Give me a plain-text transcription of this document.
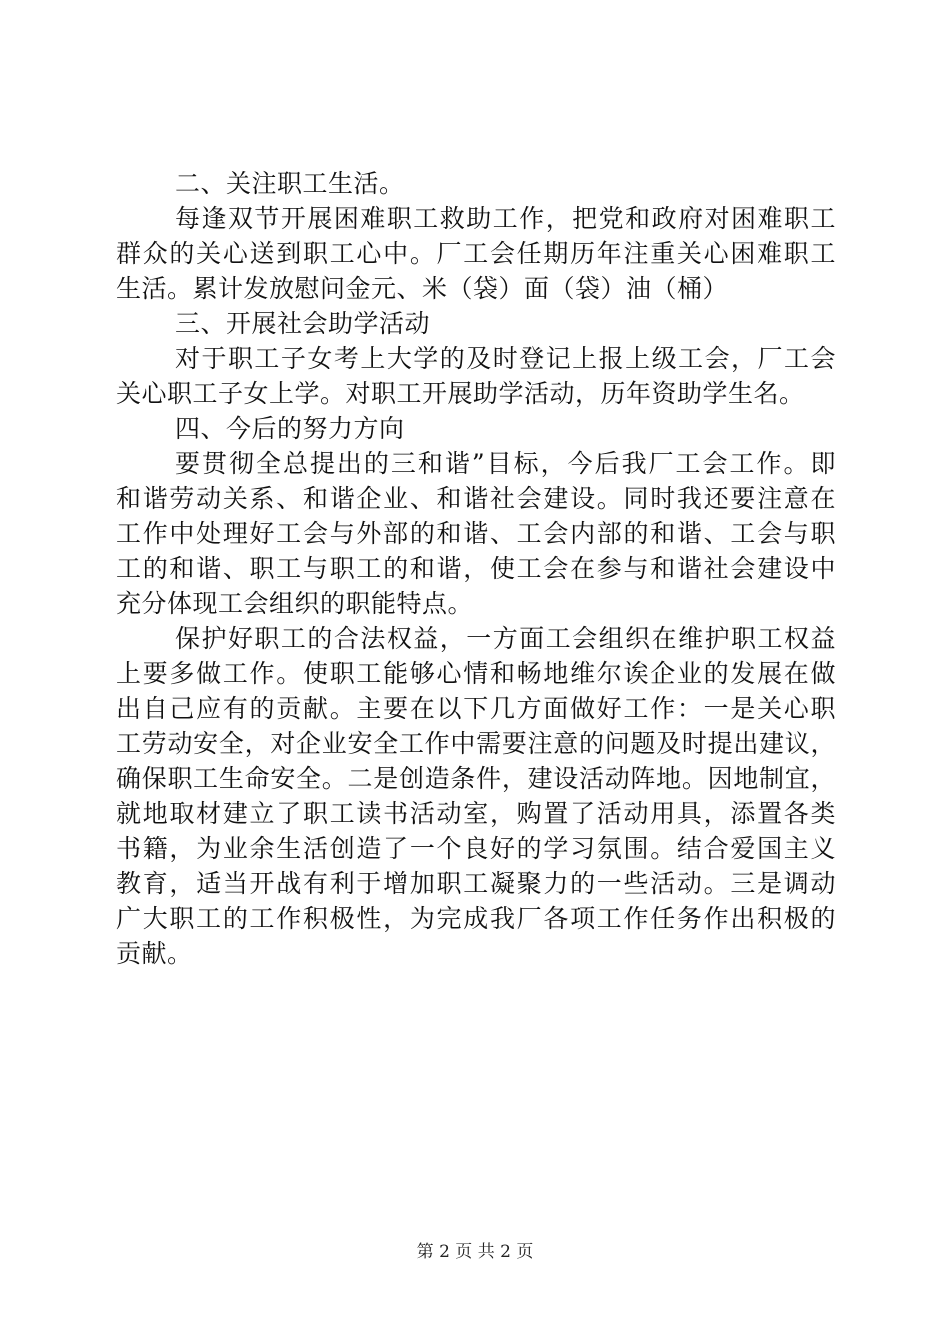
二、关注职工生活。
每逢双节开展困难职工救助工作，把党和政府对困难职工
群众的关心送到职工心中。厂工会任期历年注重关心困难职工
生活。累计发放慰问金元、米（袋）面（袋）油（桶）
三、开展社会助学活动
对于职工子女考上大学的及时登记上报上级工会，厂工会
关心职工子女上学。对职工开展助学活动，历年资助学生名。
四、今后的努力方向
要贯彻全总提出的三和谐”目标，今后我厂工会工作。即
和谐劳动关系、和谐企业、和谐社会建设。同时我还要注意在
工作中处理好工会与外部的和谐、工会内部的和谐、工会与职
工的和谐、职工与职工的和谐，使工会在参与和谐社会建设中
充分体现工会组织的职能特点。
保护好职工的合法权益，一方面工会组织在维护职工权益
上要多做工作。使职工能够心情和畅地维尔诶企业的发展在做
出自己应有的贡献。主要在以下几方面做好工作：一是关心职
工劳动安全，对企业安全工作中需要注意的问题及时提出建议，
确保职工生命安全。二是创造条件，建设活动阵地。因地制宜，
就地取材建立了职工读书活动室，购置了活动用具，添置各类
书籍，为业余生活创造了一个良好的学习氛围。结合爱国主义
教育，适当开战有利于增加职工凝聚力的一些活动。三是调动
广大职工的工作积极性，为完成我厂各项工作任务作出积极的
贡献。
第 2 页 共 2 页
